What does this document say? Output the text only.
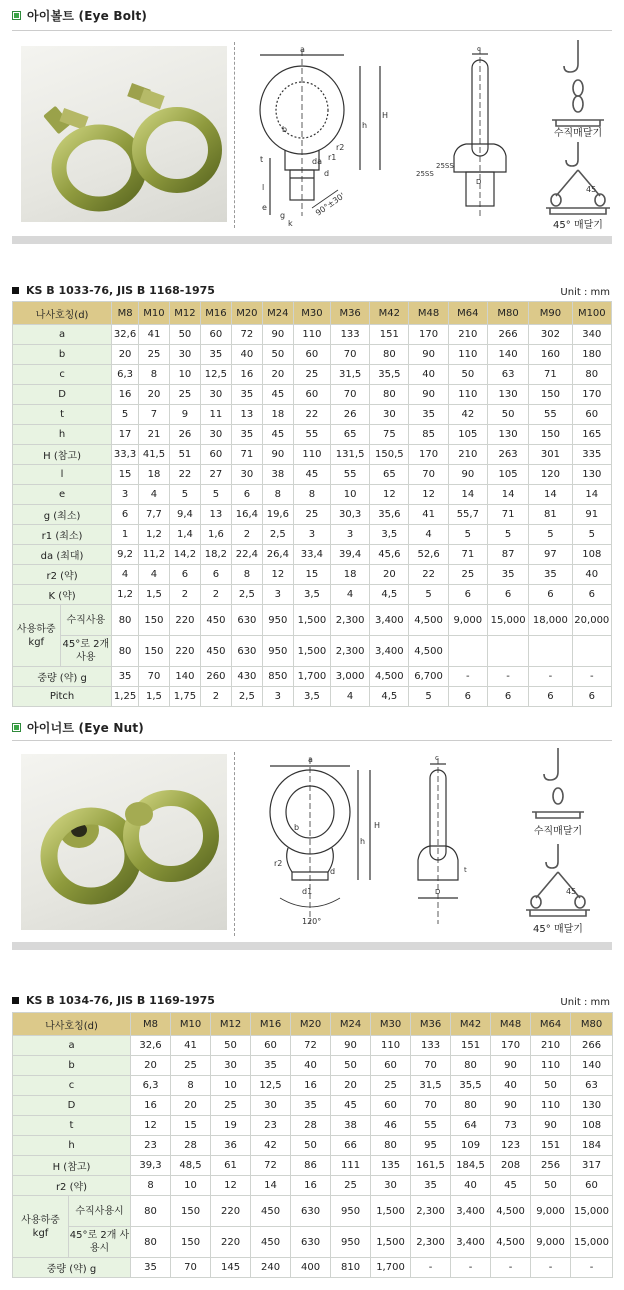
아이볼트 (Eye Bolt)
a
H
h
b
t	r1
r2
da
d
l
e
g
k
90°±30'
c
D
25SS
25SS
수직매달기
45
45° 매달기
KS B 1033-76, JIS B 1168-1975	Unit : mm
나사호칭(d)		M8	M10	M12	M16	M20	M24	M30	M36	M42	M48	M64	M80	M90	M100
a		32,6	41	50	60	72	90	110	133	151	170	210	266	302	340
b		20	25	30	35	40	50	60	70	80	90	110	140	160	180
c		6,3	8	10	12,5	16	20	25	31,5	35,5	40	50	63	71	80
D		16	20	25	30	35	45	60	70	80	90	110	130	150	170
t		5	7	9	11	13	18	22	26	30	35	42	50	55	60
h		17	21	26	30	35	45	55	65	75	85	105	130	150	165
H (참고)		33,3	41,5	51	60	71	90	110	131,5	150,5	170	210	263	301	335
l		15	18	22	27	30	38	45	55	65	70	90	105	120	130
e		3	4	5	5	6	8	8	10	12	12	14	14	14	14
g (최소)		6	7,7	9,4	13	16,4	19,6	25	30,3	35,6	41	55,7	71	81	91
r1 (최소)		1	1,2	1,4	1,6	2	2,5	3	3	3,5	4	5	5	5	5
da (최대)		9,2	11,2	14,2	18,2	22,4	26,4	33,4	39,4	45,6	52,6	71	87	97	108
r2 (약)		4	4	6	6	8	12	15	18	20	22	25	35	35	40
K (약)		1,2	1,5	2	2	2,5	3	3,5	4	4,5	5	6	6	6	6
사용하중 kgf	수직사용	80	150	220	450	630	950	1,500	2,300	3,400	4,500	9,000	15,000	18,000	20,000
	45°로 2개 사용	80	150	220	450	630	950	1,500	2,300	3,400	4,500				
중량 (약) g		35	70	140	260	430	850	1,700	3,000	4,500	6,700	-	-	-	-
Pitch		1,25	1,5	1,75	2	2,5	3	3,5	4	4,5	5	6	6	6	6
아이너트 (Eye Nut)
a
H
h
b
d
r2
d1
120°
c
D
t
수직매달기
45
45° 매달기
KS B 1034-76, JIS B 1169-1975	Unit : mm
나사호칭(d)		M8	M10	M12	M16	M20	M24	M30	M36	M42	M48	M64	M80
a		32,6	41	50	60	72	90	110	133	151	170	210	266
b		20	25	30	35	40	50	60	70	80	90	110	140
c		6,3	8	10	12,5	16	20	25	31,5	35,5	40	50	63
D		16	20	25	30	35	45	60	70	80	90	110	130
t		12	15	19	23	28	38	46	55	64	73	90	108
h		23	28	36	42	50	66	80	95	109	123	151	184
H (참고)		39,3	48,5	61	72	86	111	135	161,5	184,5	208	256	317
r2 (약)		8	10	12	14	16	25	30	35	40	45	50	60
사용하중 kgf	수직사용시	80	150	220	450	630	950	1,500	2,300	3,400	4,500	9,000	15,000
	45°로 2개 사용시	80	150	220	450	630	950	1,500	2,300	3,400	4,500	9,000	15,000
중량 (약) g		35	70	145	240	400	810	1,700	-	-	-	-	-
